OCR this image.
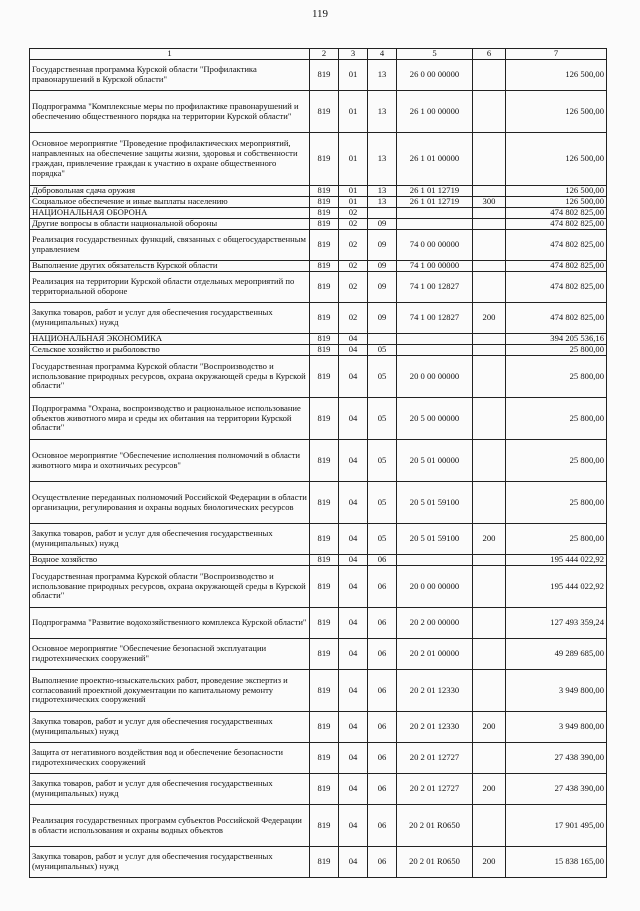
119
1	2	3	4	5	6	7
Государственная программа Курской области "Профилактика правонарушений в Курской области"	819	01	13	26 0 00 00000		126 500,00
Подпрограмма "Комплексные меры по профилактике правонарушений и обеспечению общественного порядка на территории Курской области"	819	01	13	26 1 00 00000		126 500,00
Основное мероприятие "Проведение профилактических мероприятий, направленных на обеспечение защиты жизни, здоровья и собственности граждан, привлечение граждан к участию в охране общественного порядка"	819	01	13	26 1 01 00000		126 500,00
Добровольная сдача оружия	819	01	13	26 1 01 12719		126 500,00
Социальное обеспечение и иные выплаты населению	819	01	13	26 1 01 12719	300	126 500,00
НАЦИОНАЛЬНАЯ ОБОРОНА	819	02				474 802 825,00
Другие вопросы в области национальной обороны	819	02	09			474 802 825,00
Реализация государственных функций, связанных с общегосударственным управлением	819	02	09	74 0 00 00000		474 802 825,00
Выполнение других обязательств Курской области	819	02	09	74 1 00 00000		474 802 825,00
Реализация на территории Курской области отдельных мероприятий по территориальной обороне	819	02	09	74 1 00 12827		474 802 825,00
Закупка товаров, работ и услуг для обеспечения государственных (муниципальных) нужд	819	02	09	74 1 00 12827	200	474 802 825,00
НАЦИОНАЛЬНАЯ ЭКОНОМИКА	819	04				394 205 536,16
Сельское хозяйство и рыболовство	819	04	05			25 800,00
Государственная программа Курской области "Воспроизводство и использование природных ресурсов, охрана окружающей среды в Курской области"	819	04	05	20 0 00 00000		25 800,00
Подпрограмма "Охрана, воспроизводство и рациональное использование объектов животного мира и среды их обитания на территории Курской области"	819	04	05	20 5 00 00000		25 800,00
Основное мероприятие "Обеспечение исполнения полномочий в области животного мира и охотничьих ресурсов"	819	04	05	20 5 01 00000		25 800,00
Осуществление переданных полномочий Российской Федерации в области организации, регулирования и охраны водных биологических ресурсов	819	04	05	20 5 01 59100		25 800,00
Закупка товаров, работ и услуг для обеспечения государственных (муниципальных) нужд	819	04	05	20 5 01 59100	200	25 800,00
Водное хозяйство	819	04	06			195 444 022,92
Государственная программа Курской области "Воспроизводство и использование природных ресурсов, охрана окружающей среды в Курской области"	819	04	06	20 0 00 00000		195 444 022,92
Подпрограмма "Развитие водохозяйственного комплекса Курской области"	819	04	06	20 2 00 00000		127 493 359,24
Основное мероприятие "Обеспечение безопасной эксплуатации гидротехнических сооружений"	819	04	06	20 2 01 00000		49 289 685,00
Выполнение проектно-изыскательских работ, проведение экспертиз и согласований проектной документации по капитальному ремонту гидротехнических сооружений	819	04	06	20 2 01 12330		3 949 800,00
Закупка товаров, работ и услуг для обеспечения государственных (муниципальных) нужд	819	04	06	20 2 01 12330	200	3 949 800,00
Защита от негативного воздействия вод и обеспечение безопасности гидротехнических сооружений	819	04	06	20 2 01 12727		27 438 390,00
Закупка товаров, работ и услуг для обеспечения государственных (муниципальных) нужд	819	04	06	20 2 01 12727	200	27 438 390,00
Реализация государственных программ субъектов Российской Федерации в области использования и охраны водных объектов	819	04	06	20 2 01 R0650		17 901 495,00
Закупка товаров, работ и услуг для обеспечения государственных (муниципальных) нужд	819	04	06	20 2 01 R0650	200	15 838 165,00
